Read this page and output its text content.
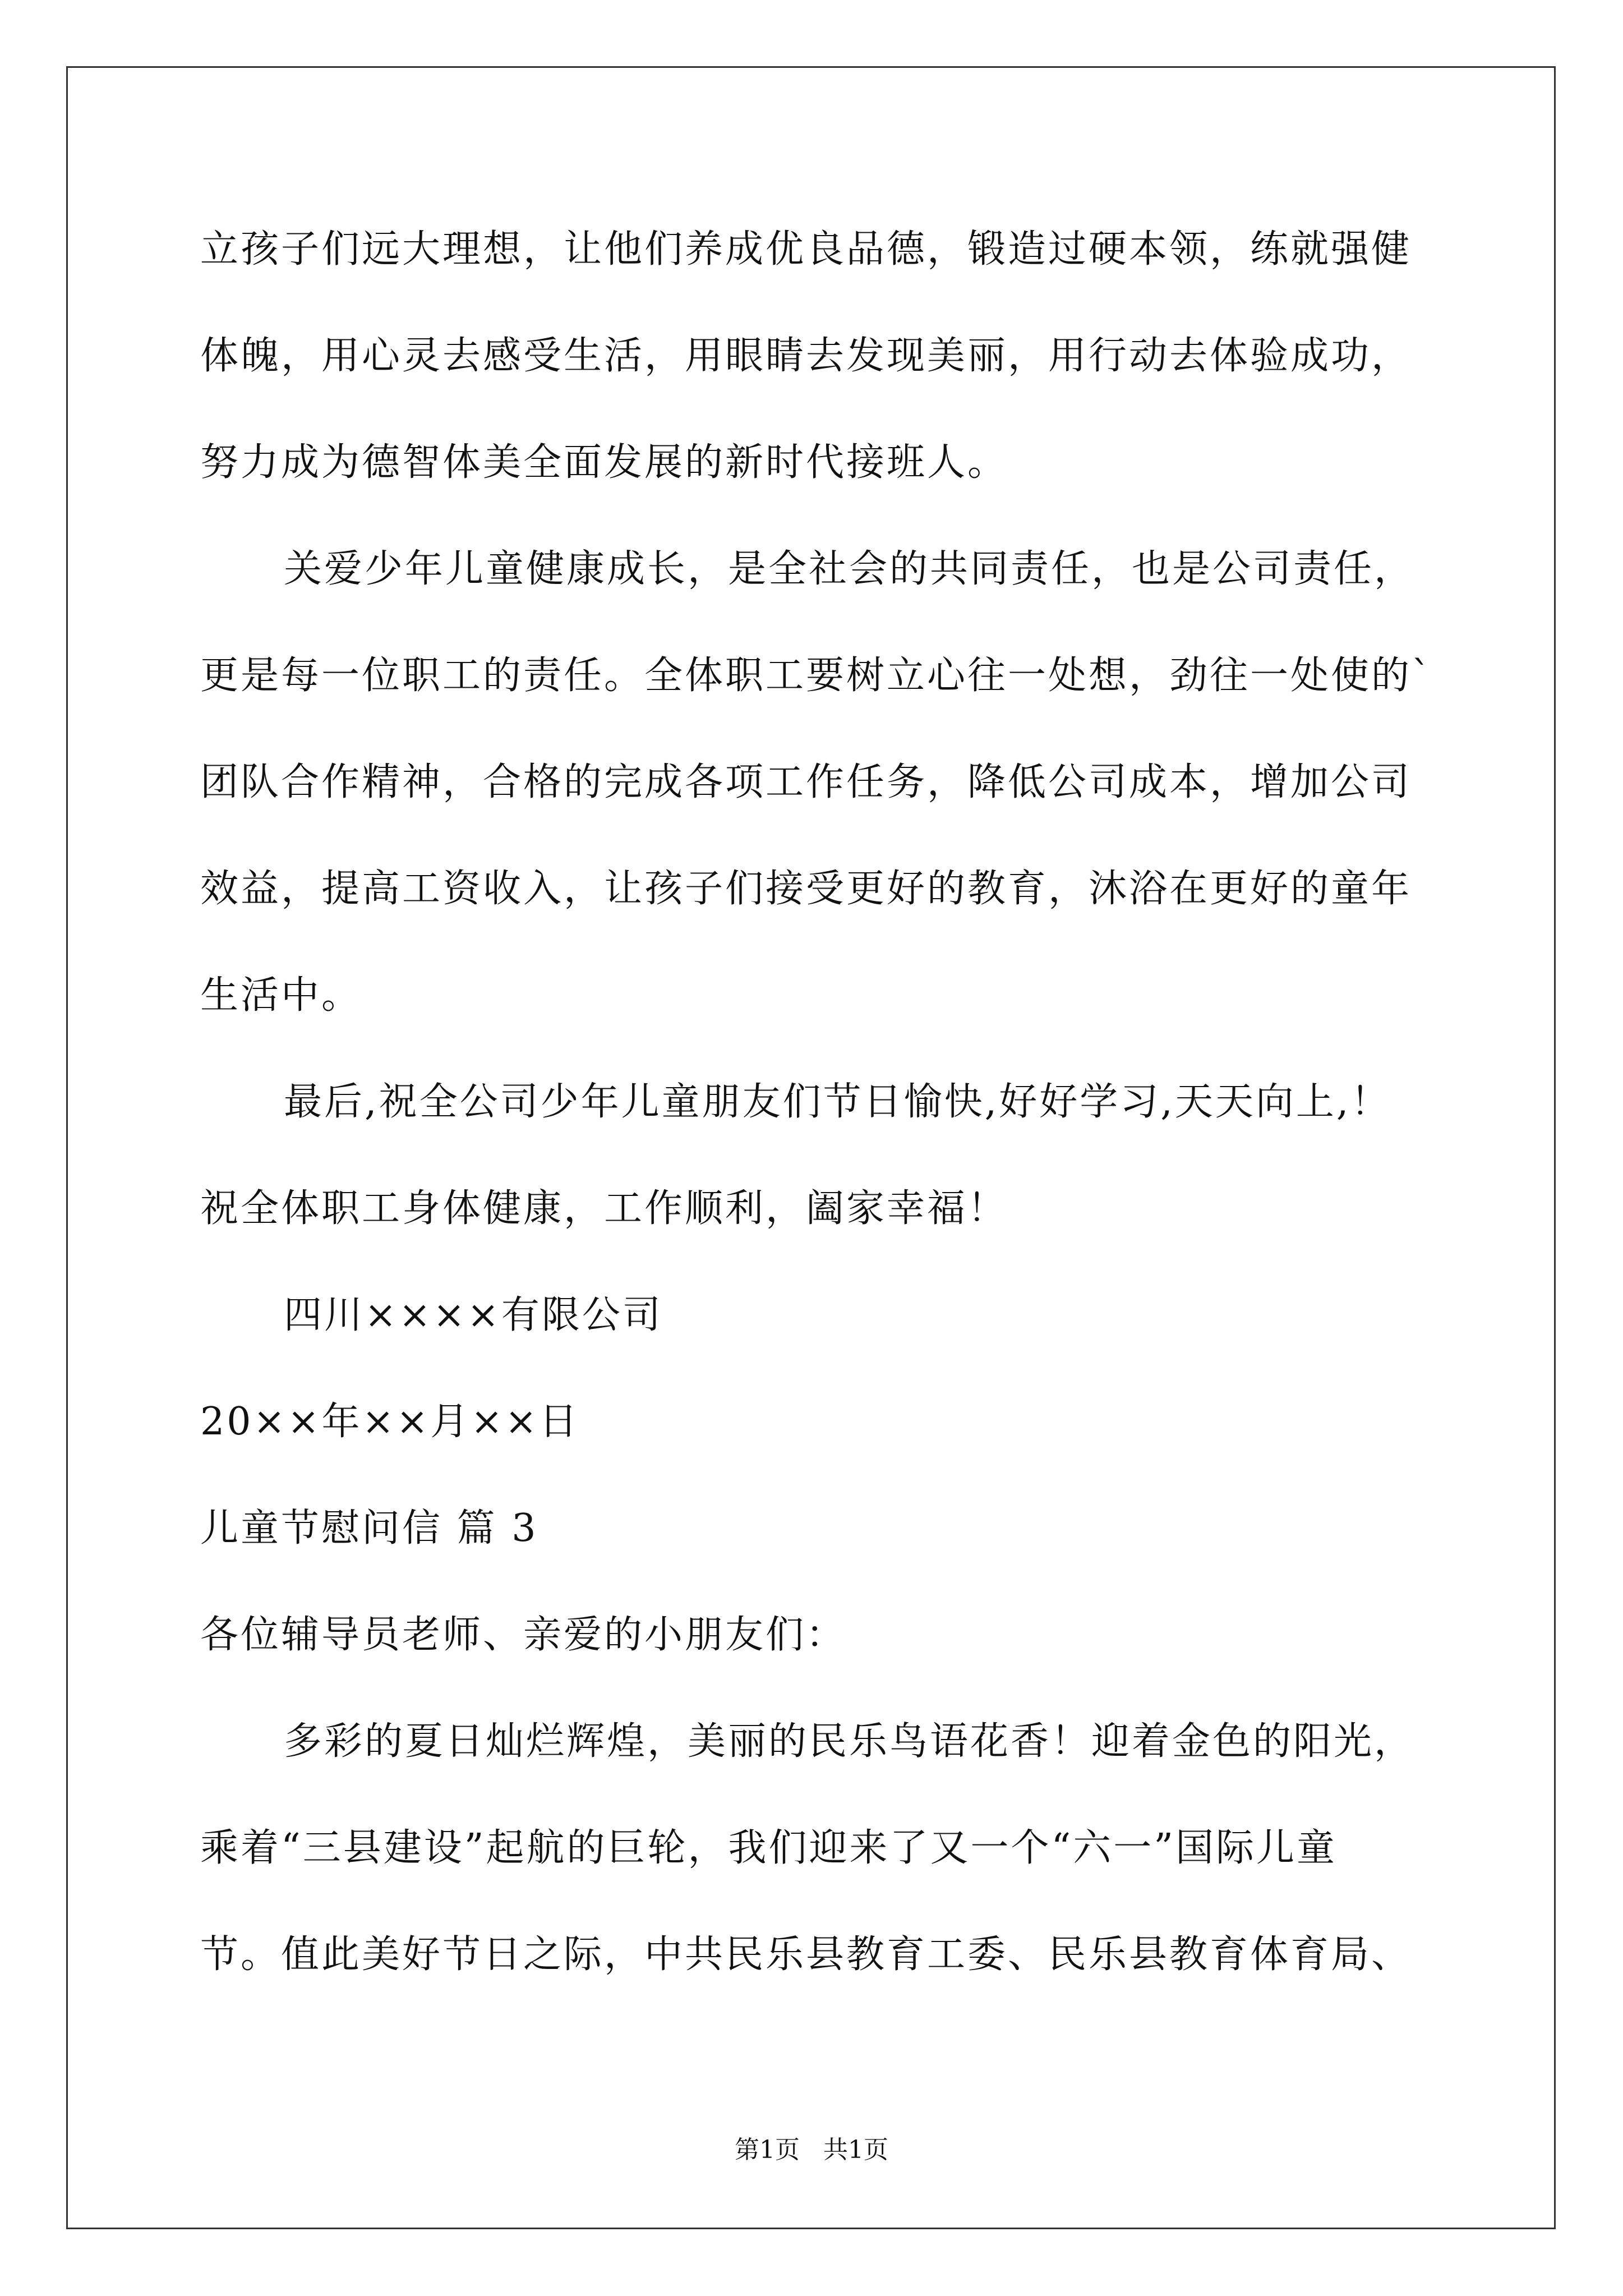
立孩子们远大理想，让他们养成优良品德，锻造过硬本领，练就强健
体魄，用心灵去感受生活，用眼睛去发现美丽，用行动去体验成功，
努力成为德智体美全面发展的新时代接班人。
关爱少年儿童健康成长，是全社会的共同责任，也是公司责任，
更是每一位职工的责任。全体职工要树立心往一处想，劲往一处使的`
团队合作精神，合格的完成各项工作任务，降低公司成本，增加公司
效益，提高工资收入，让孩子们接受更好的教育，沐浴在更好的童年
生活中。
最后,祝全公司少年儿童朋友们节日愉快,好好学习,天天向上,！
祝全体职工身体健康，工作顺利，阖家幸福！
四川××××有限公司
20××年××月××日
儿童节慰问信 篇 3
各位辅导员老师、亲爱的小朋友们：
多彩的夏日灿烂辉煌，美丽的民乐鸟语花香！迎着金色的阳光，
乘着“三县建设”起航的巨轮，我们迎来了又一个“六一”国际儿童
节。值此美好节日之际，中共民乐县教育工委、民乐县教育体育局、
第1页   共1页
